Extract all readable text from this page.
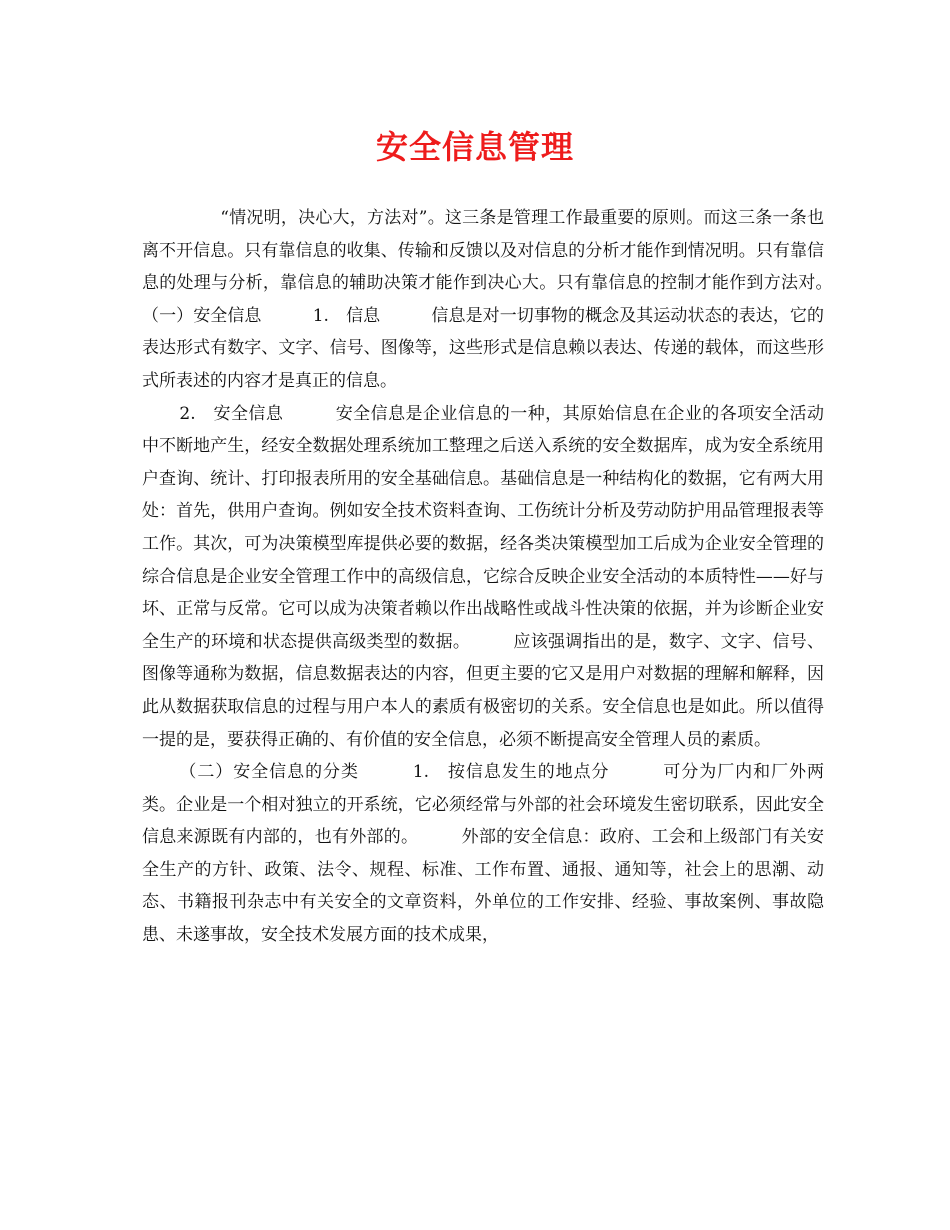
安全信息管理

“情况明，决心大，方法对”。这三条是管理工作最重要的原则。而这三条一条也离不开信息。只有靠信息的收集、传输和反馈以及对信息的分析才能作到情况明。只有靠信息的处理与分析，靠信息的辅助决策才能作到决心大。只有靠信息的控制才能作到方法对。　　　　（一）安全信息　　　1.　信息　　　信息是对一切事物的概念及其运动状态的表达，它的表达形式有数字、文字、信号、图像等，这些形式是信息赖以表达、传递的载体，而这些形式所表述的内容才是真正的信息。

2.　安全信息　　　安全信息是企业信息的一种，其原始信息在企业的各项安全活动中不断地产生，经安全数据处理系统加工整理之后送入系统的安全数据库，成为安全系统用户查询、统计、打印报表所用的安全基础信息。基础信息是一种结构化的数据，它有两大用处：首先，供用户查询。例如安全技术资料查询、工伤统计分析及劳动防护用品管理报表等工作。其次，可为决策模型库提供必要的数据，经各类决策模型加工后成为企业安全管理的综合信息是企业安全管理工作中的高级信息，它综合反映企业安全活动的本质特性——好与坏、正常与反常。它可以成为决策者赖以作出战略性或战斗性决策的依据，并为诊断企业安全生产的环境和状态提供高级类型的数据。　　　应该强调指出的是，数字、文字、信号、图像等通称为数据，信息数据表达的内容，但更主要的它又是用户对数据的理解和解释，因此从数据获取信息的过程与用户本人的素质有极密切的关系。安全信息也是如此。所以值得一提的是，要获得正确的、有价值的安全信息，必须不断提高安全管理人员的素质。

（二）安全信息的分类　　　1.　按信息发生的地点分　　　可分为厂内和厂外两类。企业是一个相对独立的开系统，它必须经常与外部的社会环境发生密切联系，因此安全信息来源既有内部的，也有外部的。　　　外部的安全信息：政府、工会和上级部门有关安全生产的方针、政策、法令、规程、标准、工作布置、通报、通知等，社会上的思潮、动态、书籍报刊杂志中有关安全的文章资料，外单位的工作安排、经验、事故案例、事故隐患、未遂事故，安全技术发展方面的技术成果，
